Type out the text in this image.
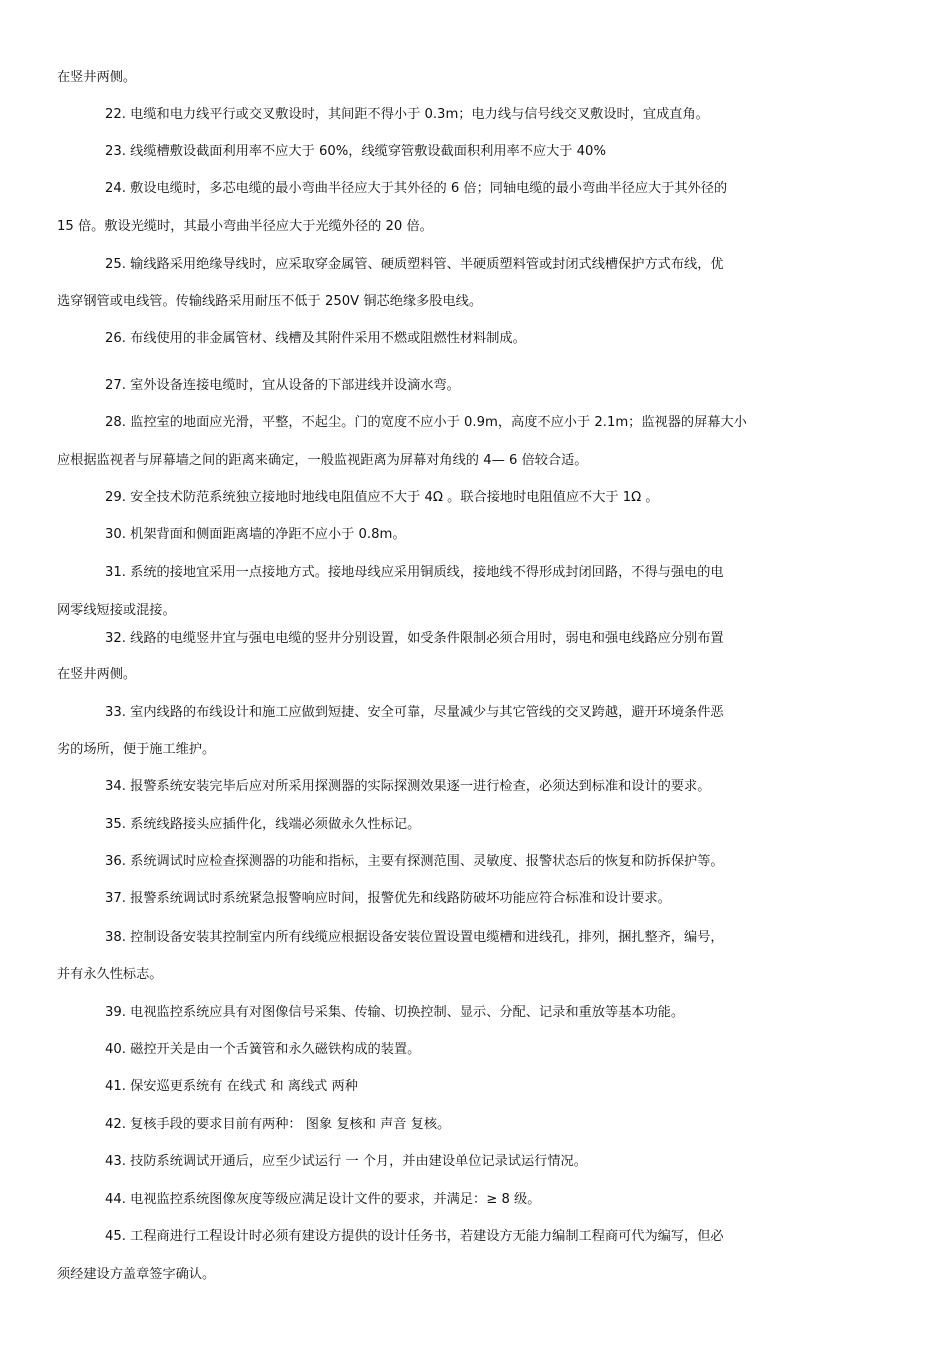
在竖井两侧。
22. 电缆和电力线平行或交叉敷设时，其间距不得小于 0.3m；电力线与信号线交叉敷设时，宜成直角。
23. 线缆槽敷设截面利用率不应大于 60%，线缆穿管敷设截面积利用率不应大于 40%
24. 敷设电缆时，多芯电缆的最小弯曲半径应大于其外径的 6 倍；同轴电缆的最小弯曲半径应大于其外径的
15 倍。敷设光缆时，其最小弯曲半径应大于光缆外径的 20 倍。
25. 输线路采用绝缘导线时，应采取穿金属管、硬质塑料管、半硬质塑料管或封闭式线槽保护方式布线，优
选穿钢管或电线管。传输线路采用耐压不低于 250V 铜芯绝缘多股电线。
26. 布线使用的非金属管材、线槽及其附件采用不燃或阻燃性材料制成。
27. 室外设备连接电缆时，宜从设备的下部进线并设滴水弯。
28. 监控室的地面应光滑，平整，不起尘。门的宽度不应小于 0.9m，高度不应小于 2.1m；监视器的屏幕大小
应根据监视者与屏幕墙之间的距离来确定，一般监视距离为屏幕对角线的 4— 6 倍较合适。
29. 安全技术防范系统独立接地时地线电阻值应不大于 4Ω 。联合接地时电阻值应不大于 1Ω 。
30. 机架背面和侧面距离墙的净距不应小于 0.8m。
31. 系统的接地宜采用一点接地方式。接地母线应采用铜质线，接地线不得形成封闭回路，不得与强电的电
网零线短接或混接。
32. 线路的电缆竖井宜与强电电缆的竖井分别设置，如受条件限制必须合用时，弱电和强电线路应分别布置
在竖井两侧。
33. 室内线路的布线设计和施工应做到短捷、安全可靠，尽量减少与其它管线的交叉跨越，避开环境条件恶
劣的场所，便于施工维护。
34. 报警系统安装完毕后应对所采用探测器的实际探测效果逐一进行检查，必须达到标准和设计的要求。
35. 系统线路接头应插件化，线端必须做永久性标记。
36. 系统调试时应检查探测器的功能和指标，主要有探测范围、灵敏度、报警状态后的恢复和防拆保护等。
37. 报警系统调试时系统紧急报警响应时间，报警优先和线路防破坏功能应符合标准和设计要求。
38. 控制设备安装其控制室内所有线缆应根据设备安装位置设置电缆槽和进线孔，排列，捆扎整齐，编号，
并有永久性标志。
39. 电视监控系统应具有对图像信号采集、传输、切换控制、显示、分配、记录和重放等基本功能。
40. 磁控开关是由一个舌簧管和永久磁铁构成的装置。
41. 保安巡更系统有 在线式 和 离线式 两种
42. 复核手段的要求目前有两种： 图象 复核和 声音 复核。
43. 技防系统调试开通后，应至少试运行 一 个月，并由建设单位记录试运行情况。
44. 电视监控系统图像灰度等级应满足设计文件的要求，并满足：≥ 8 级。
45. 工程商进行工程设计时必须有建设方提供的设计任务书，若建设方无能力编制工程商可代为编写，但必
须经建设方盖章签字确认。
